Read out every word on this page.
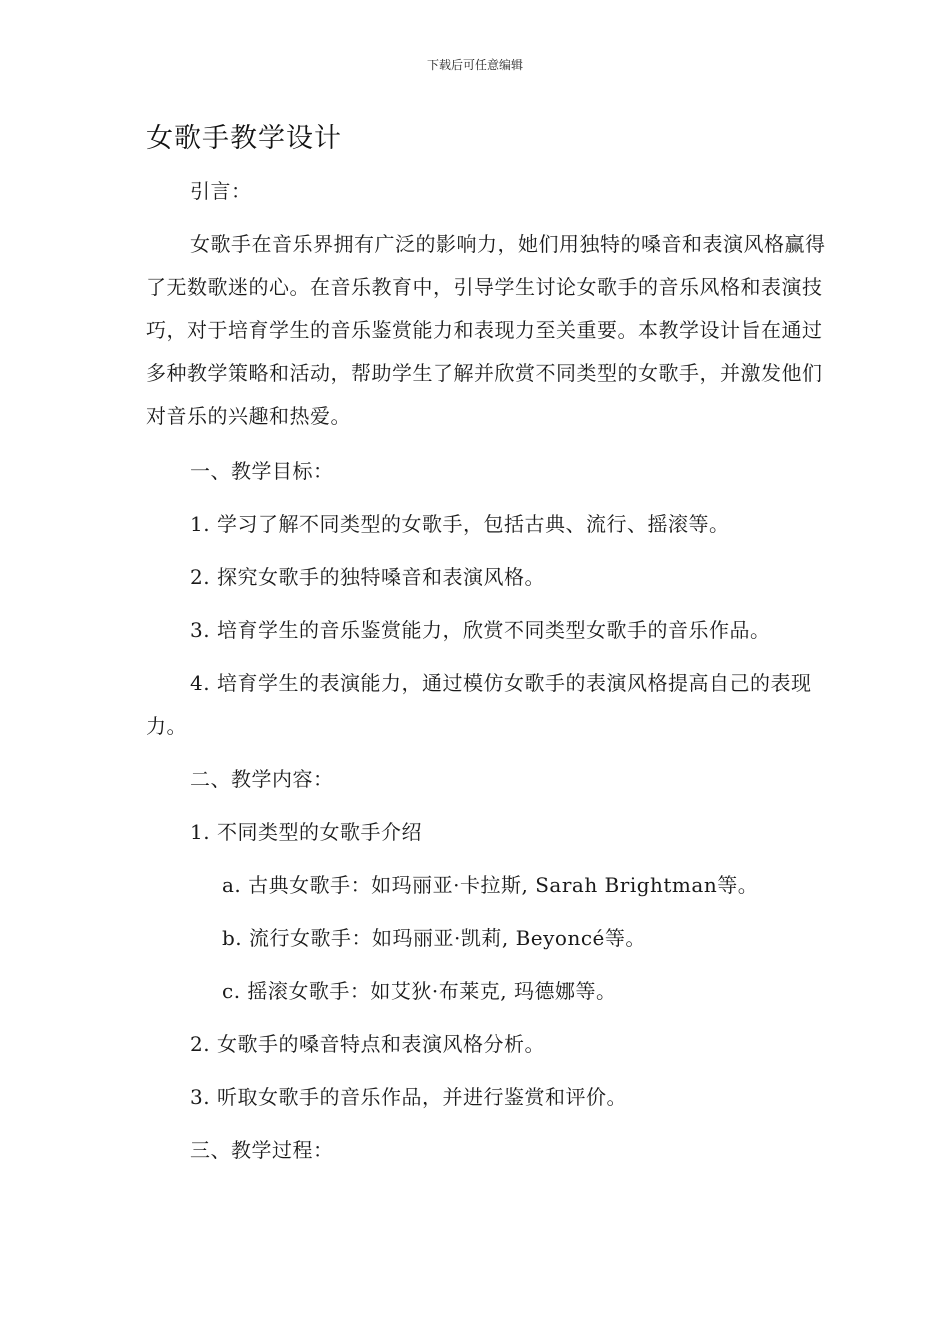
下载后可任意编辑
女歌手教学设计

引言：

女歌手在音乐界拥有广泛的影响力，她们用独特的嗓音和表演风格赢得了无数歌迷的心。在音乐教育中，引导学生讨论女歌手的音乐风格和表演技巧，对于培育学生的音乐鉴赏能力和表现力至关重要。本教学设计旨在通过多种教学策略和活动，帮助学生了解并欣赏不同类型的女歌手，并激发他们对音乐的兴趣和热爱。

一、教学目标：

1. 学习了解不同类型的女歌手，包括古典、流行、摇滚等。

2. 探究女歌手的独特嗓音和表演风格。

3. 培育学生的音乐鉴赏能力，欣赏不同类型女歌手的音乐作品。

4. 培育学生的表演能力，通过模仿女歌手的表演风格提高自己的表现力。

二、教学内容：

1. 不同类型的女歌手介绍

a. 古典女歌手：如玛丽亚·卡拉斯, Sarah Brightman等。

b. 流行女歌手：如玛丽亚·凯莉, Beyoncé等。

c. 摇滚女歌手：如艾狄·布莱克, 玛德娜等。

2. 女歌手的嗓音特点和表演风格分析。

3. 听取女歌手的音乐作品，并进行鉴赏和评价。

三、教学过程：
